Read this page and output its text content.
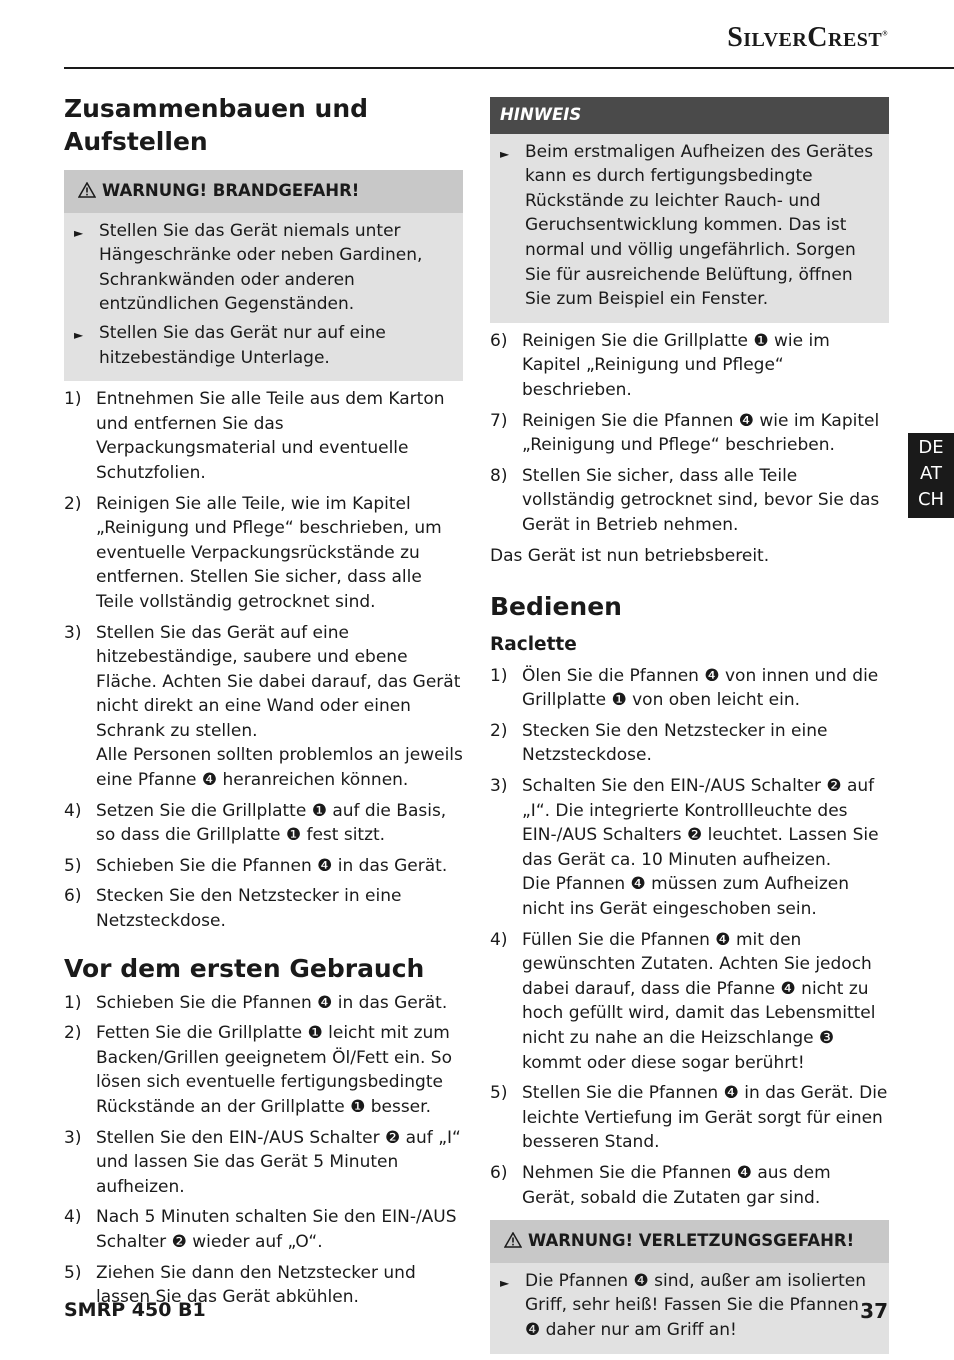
SilverCrest®
Zusammenbauen und Aufstellen
WARNUNG! BRANDGEFAHR!
► Stellen Sie das Gerät niemals unter Hängeschränke oder neben Gardinen, Schrankwänden oder anderen entzündlichen Gegenständen.
► Stellen Sie das Gerät nur auf eine hitzebeständige Unterlage.
1) Entnehmen Sie alle Teile aus dem Karton und entfernen Sie das Verpackungsmaterial und eventuelle Schutzfolien.
2) Reinigen Sie alle Teile, wie im Kapitel „Reinigung und Pflege“ beschrieben, um eventuelle Verpackungsrückstände zu entfernen. Stellen Sie sicher, dass alle Teile vollständig getrocknet sind.
3) Stellen Sie das Gerät auf eine hitzebeständige, saubere und ebene Fläche. Achten Sie dabei darauf, das Gerät nicht direkt an eine Wand oder einen Schrank zu stellen.
Alle Personen sollten problemlos an jeweils eine Pfanne ❹ heranreichen können.
4) Setzen Sie die Grillplatte ❶ auf die Basis, so dass die Grillplatte ❶ fest sitzt.
5) Schieben Sie die Pfannen ❹ in das Gerät.
6) Stecken Sie den Netzstecker in eine Netzsteckdose.
Vor dem ersten Gebrauch
1) Schieben Sie die Pfannen ❹ in das Gerät.
2) Fetten Sie die Grillplatte ❶ leicht mit zum Backen/Grillen geeignetem Öl/Fett ein. So lösen sich eventuelle fertigungsbedingte Rückstände an der Grillplatte ❶ besser.
3) Stellen Sie den EIN-/AUS Schalter ❷ auf „I“ und lassen Sie das Gerät 5 Minuten aufheizen.
4) Nach 5 Minuten schalten Sie den EIN-/AUS Schalter ❷ wieder auf „O“.
5) Ziehen Sie dann den Netzstecker und lassen Sie das Gerät abkühlen.
HINWEIS
► Beim erstmaligen Aufheizen des Gerätes kann es durch fertigungsbedingte Rückstände zu leichter Rauch- und Geruchsentwicklung kommen. Das ist normal und völlig ungefährlich. Sorgen Sie für ausreichende Belüftung, öffnen Sie zum Beispiel ein Fenster.
6) Reinigen Sie die Grillplatte ❶ wie im Kapitel „Reinigung und Pflege“ beschrieben.
7) Reinigen Sie die Pfannen ❹ wie im Kapitel „Reinigung und Pflege“ beschrieben.
8) Stellen Sie sicher, dass alle Teile vollständig getrocknet sind, bevor Sie das Gerät in Betrieb nehmen.

Das Gerät ist nun betriebsbereit.

Bedienen
Raclette
1) Ölen Sie die Pfannen ❹ von innen und die Grillplatte ❶ von oben leicht ein.
2) Stecken Sie den Netzstecker in eine Netzsteckdose.
3) Schalten Sie den EIN-/AUS Schalter ❷ auf „I“. Die integrierte Kontrollleuchte des EIN-/AUS Schalters ❷ leuchtet. Lassen Sie das Gerät ca. 10 Minuten aufheizen.
Die Pfannen ❹ müssen zum Aufheizen nicht ins Gerät eingeschoben sein.
4) Füllen Sie die Pfannen ❹ mit den gewünschten Zutaten. Achten Sie jedoch dabei darauf, dass die Pfanne ❹ nicht zu hoch gefüllt wird, damit das Lebensmittel nicht zu nahe an die Heizschlange ❸ kommt oder diese sogar berührt!
5) Stellen Sie die Pfannen ❹ in das Gerät. Die leichte Vertiefung im Gerät sorgt für einen besseren Stand.
6) Nehmen Sie die Pfannen ❹ aus dem Gerät, sobald die Zutaten gar sind.
WARNUNG! VERLETZUNGSGEFAHR!
► Die Pfannen ❹ sind, außer am isolierten Griff, sehr heiß! Fassen Sie die Pfannen ❹ daher nur am Griff an!
DE
AT
CH
SMRP 450 B1	37
